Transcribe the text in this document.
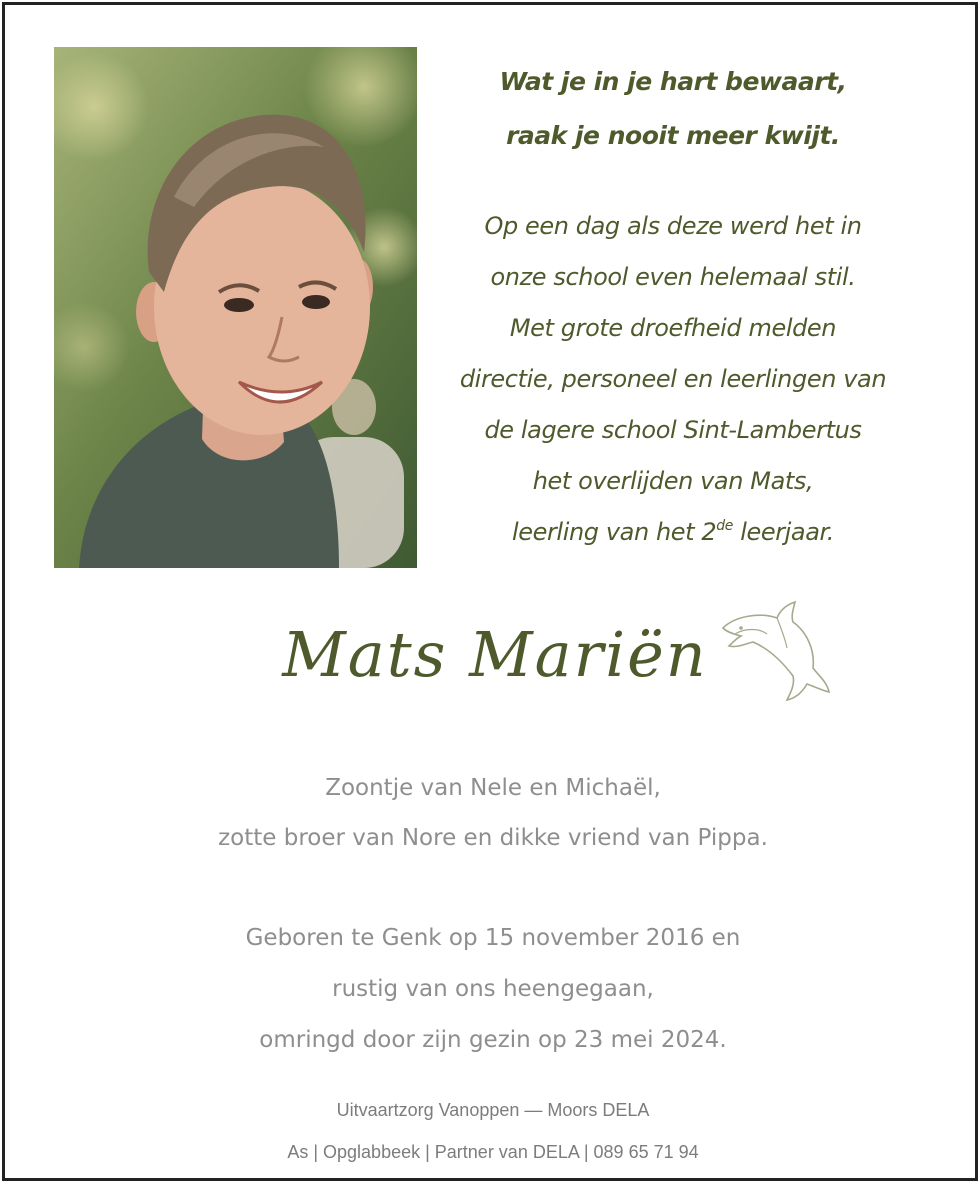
Wat je in je hart bewaart,
raak je nooit meer kwijt.
Op een dag als deze werd het in
onze school even helemaal stil.
Met grote droefheid melden
directie, personeel en leerlingen van
de lagere school Sint-Lambertus
het overlijden van Mats,
leerling van het 2de leerjaar.
Mats Mariën
Zoontje van Nele en Michaël,
zotte broer van Nore en dikke vriend van Pippa.
Geboren te Genk op 15 november 2016 en
rustig van ons heengegaan,
omringd door zijn gezin op 23 mei 2024.
Uitvaartzorg Vanoppen — Moors DELA
As | Opglabbeek | Partner van DELA | 089 65 71 94
